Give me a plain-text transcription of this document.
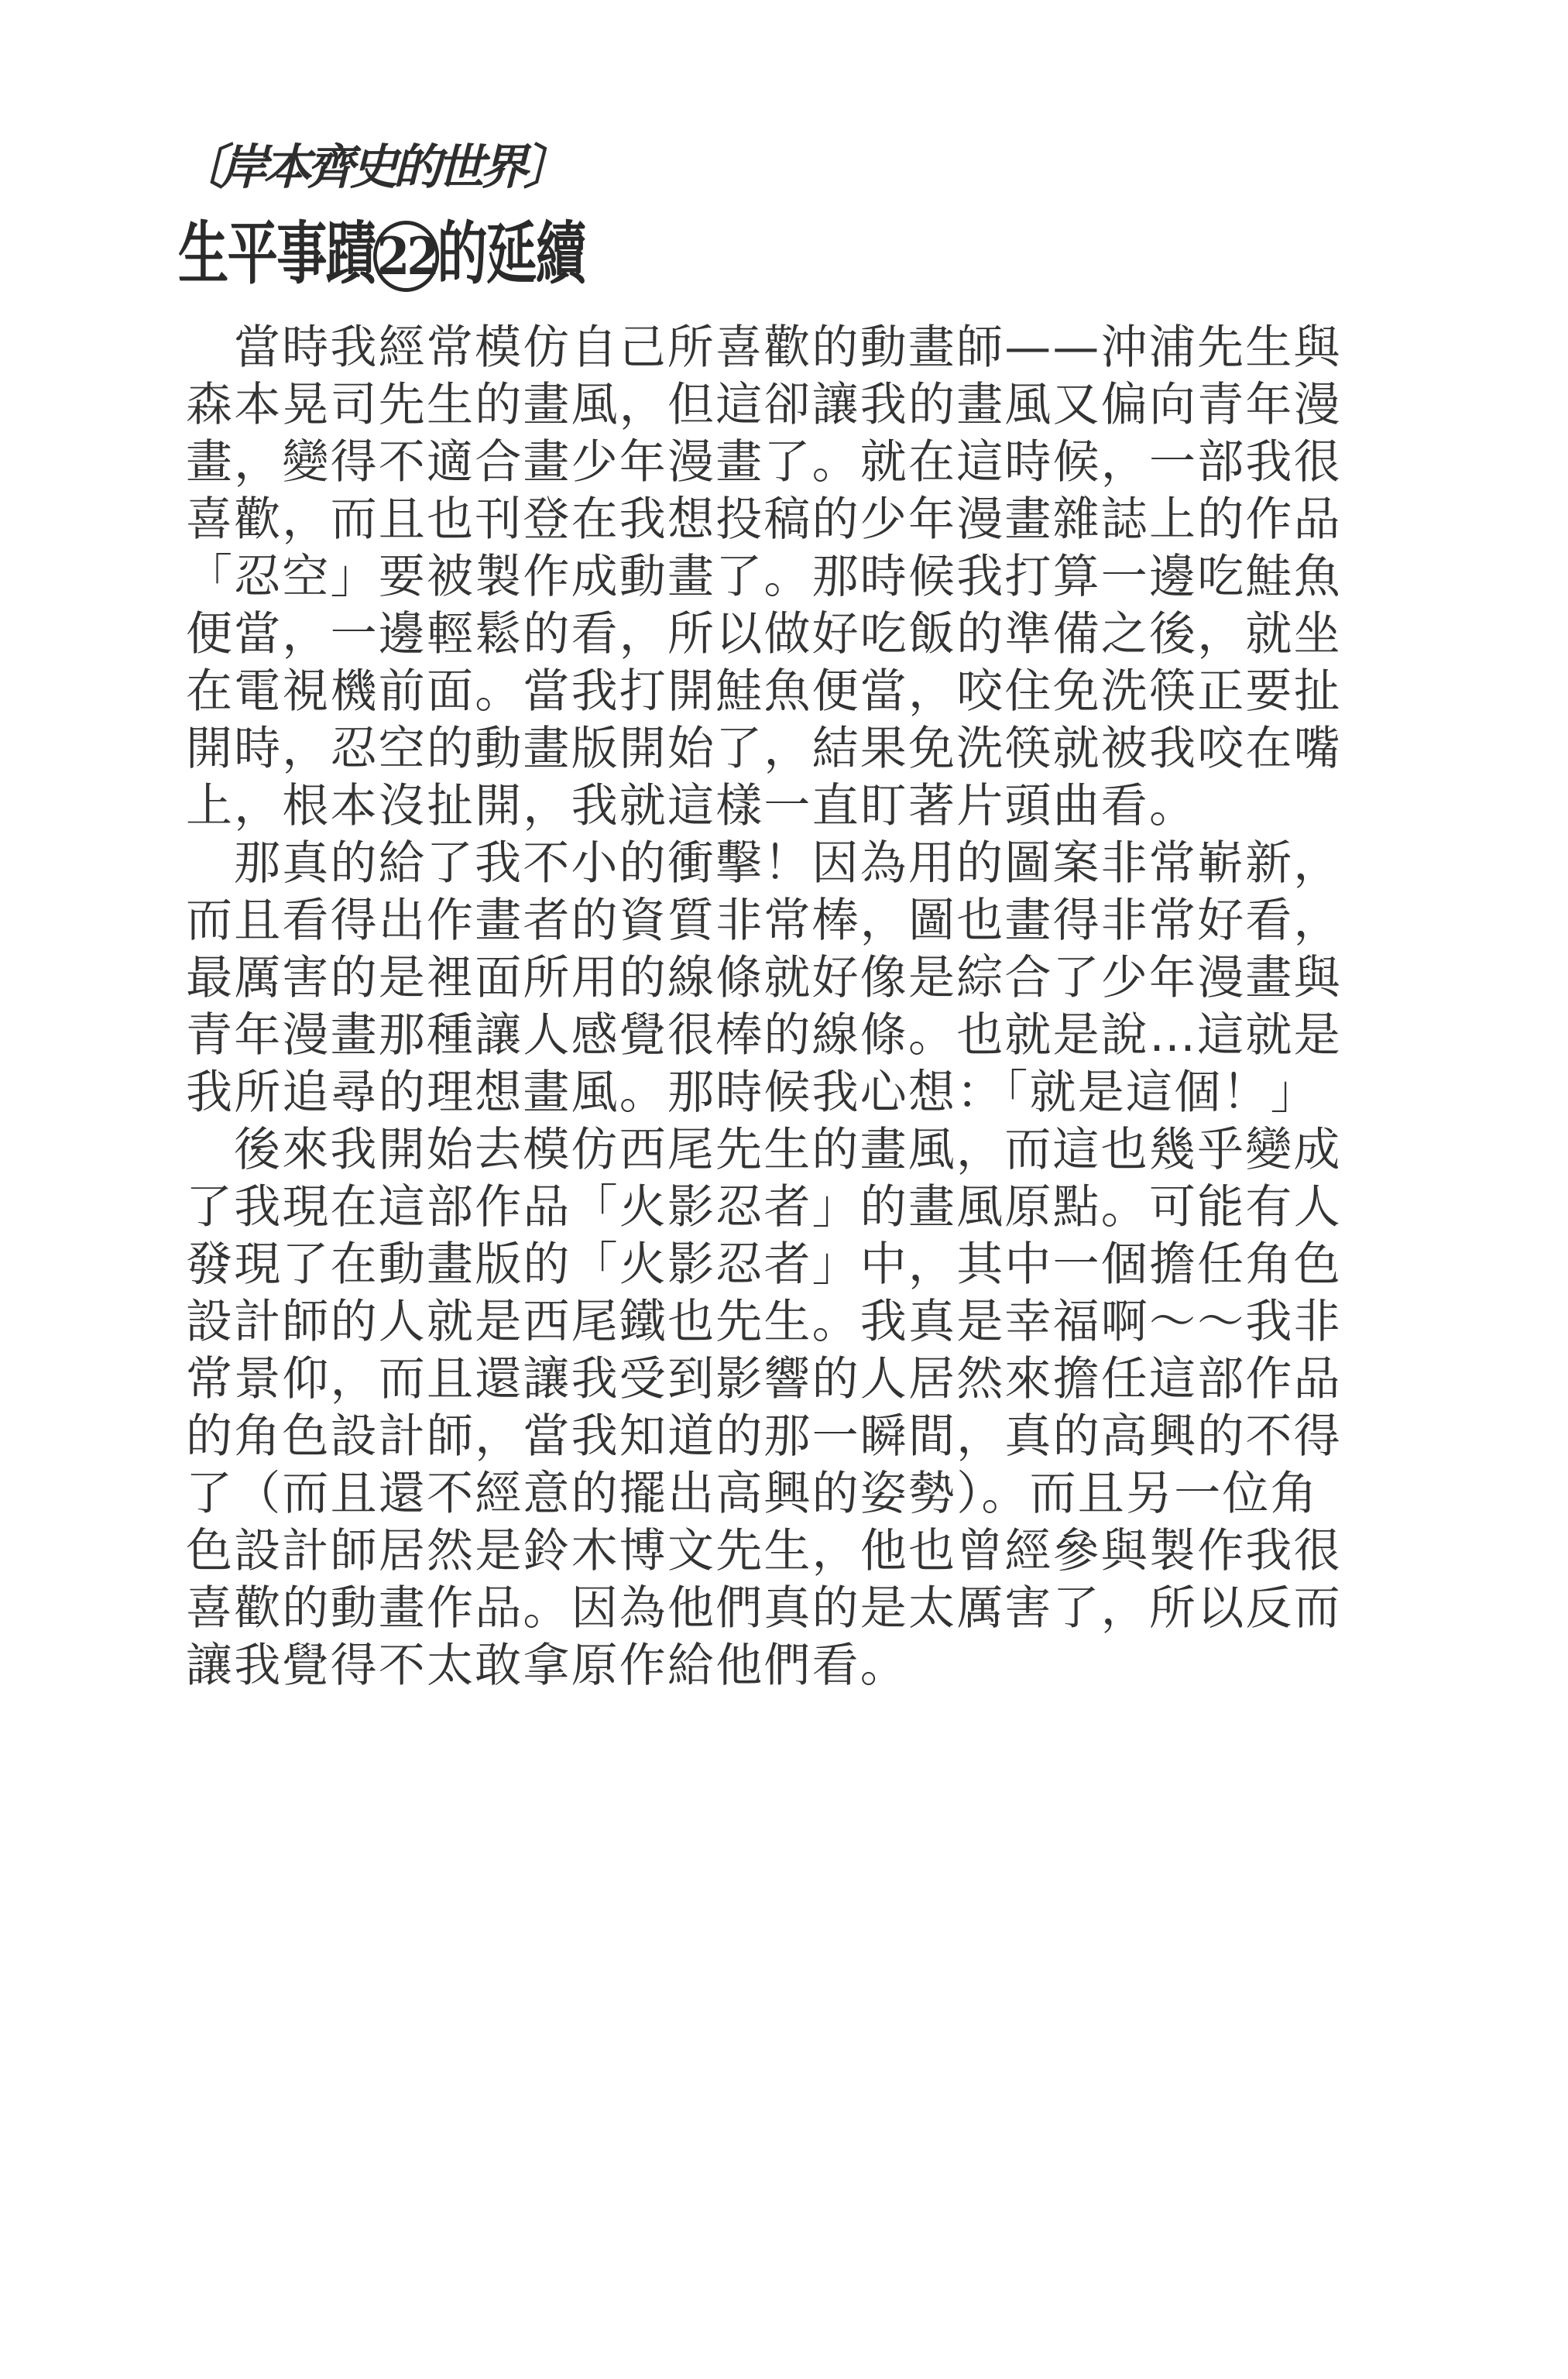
〔岸本齊史的世界〕
生平事蹟22的延續
當時我經常模仿自己所喜歡的動畫師——沖浦先生與
森本晃司先生的畫風，但這卻讓我的畫風又偏向青年漫
畫，變得不適合畫少年漫畫了。就在這時候，一部我很
喜歡，而且也刊登在我想投稿的少年漫畫雜誌上的作品
「忍空」要被製作成動畫了。那時候我打算一邊吃鮭魚
便當，一邊輕鬆的看，所以做好吃飯的準備之後，就坐
在電視機前面。當我打開鮭魚便當，咬住免洗筷正要扯
開時，忍空的動畫版開始了，結果免洗筷就被我咬在嘴
上，根本沒扯開，我就這樣一直盯著片頭曲看。
那真的給了我不小的衝擊！因為用的圖案非常嶄新，
而且看得出作畫者的資質非常棒，圖也畫得非常好看，
最厲害的是裡面所用的線條就好像是綜合了少年漫畫與
青年漫畫那種讓人感覺很棒的線條。也就是說…這就是
我所追尋的理想畫風。那時候我心想：「就是這個！」
後來我開始去模仿西尾先生的畫風，而這也幾乎變成
了我現在這部作品「火影忍者」的畫風原點。可能有人
發現了在動畫版的「火影忍者」中，其中一個擔任角色
設計師的人就是西尾鐵也先生。我真是幸福啊～～我非
常景仰，而且還讓我受到影響的人居然來擔任這部作品
的角色設計師，當我知道的那一瞬間，真的高興的不得
了（而且還不經意的擺出高興的姿勢）。而且另一位角
色設計師居然是鈴木博文先生，他也曾經參與製作我很
喜歡的動畫作品。因為他們真的是太厲害了，所以反而
讓我覺得不太敢拿原作給他們看。
